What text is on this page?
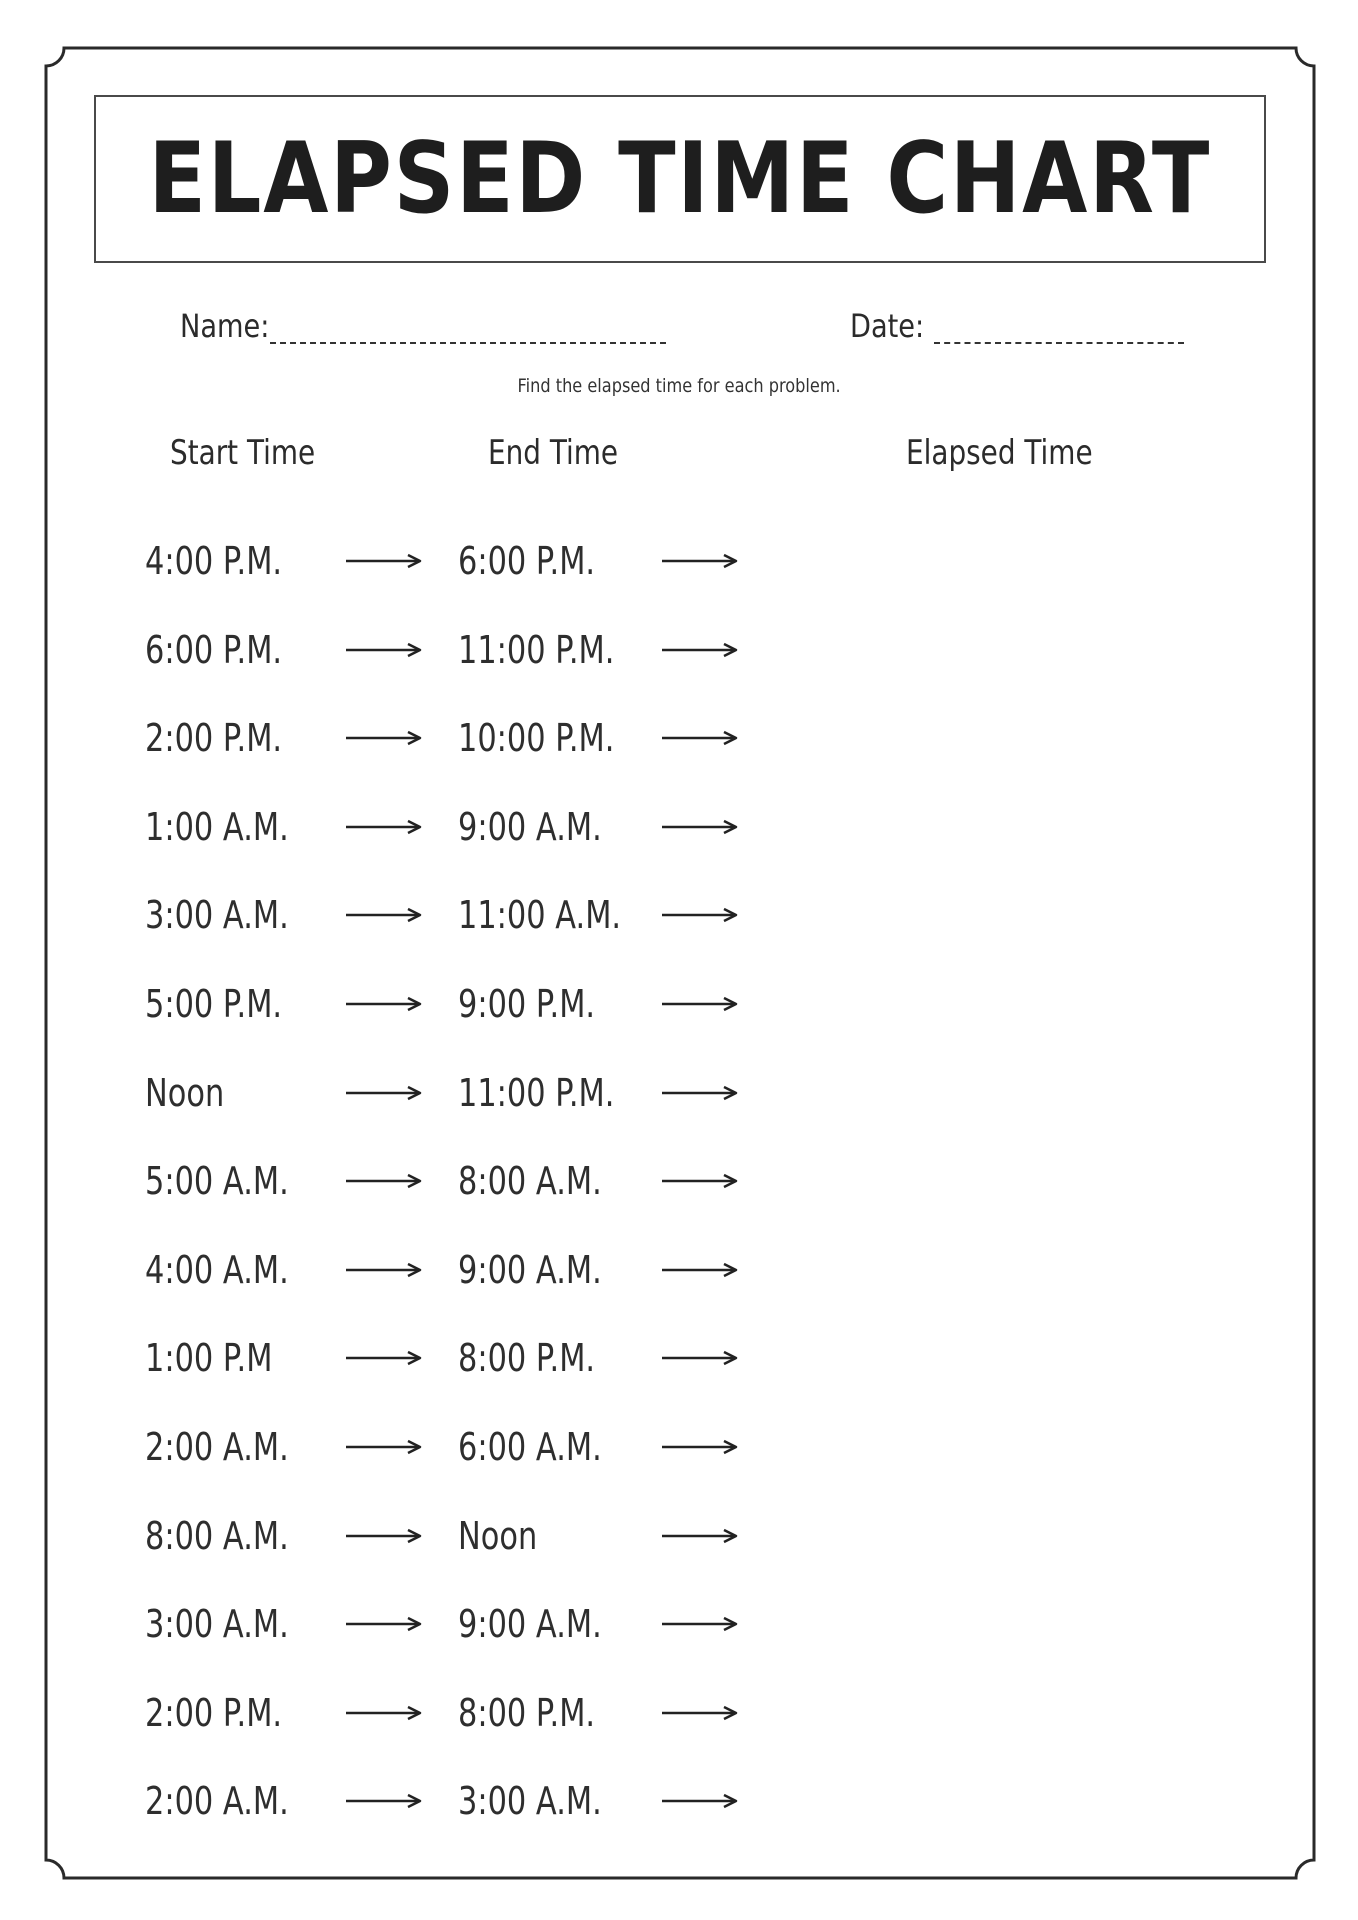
ELAPSED TIME CHART
Name:	Date:
Find the elapsed time for each problem.
Start Time	End Time	Elapsed Time
4:00 P.M.	6:00 P.M.
6:00 P.M.	11:00 P.M.
2:00 P.M.	10:00 P.M.
1:00 A.M.	9:00 A.M.
3:00 A.M.	11:00 A.M.
5:00 P.M.	9:00 P.M.
Noon	11:00 P.M.
5:00 A.M.	8:00 A.M.
4:00 A.M.	9:00 A.M.
1:00 P.M	8:00 P.M.
2:00 A.M.	6:00 A.M.
8:00 A.M.	Noon
3:00 A.M.	9:00 A.M.
2:00 P.M.	8:00 P.M.
2:00 A.M.	3:00 A.M.
